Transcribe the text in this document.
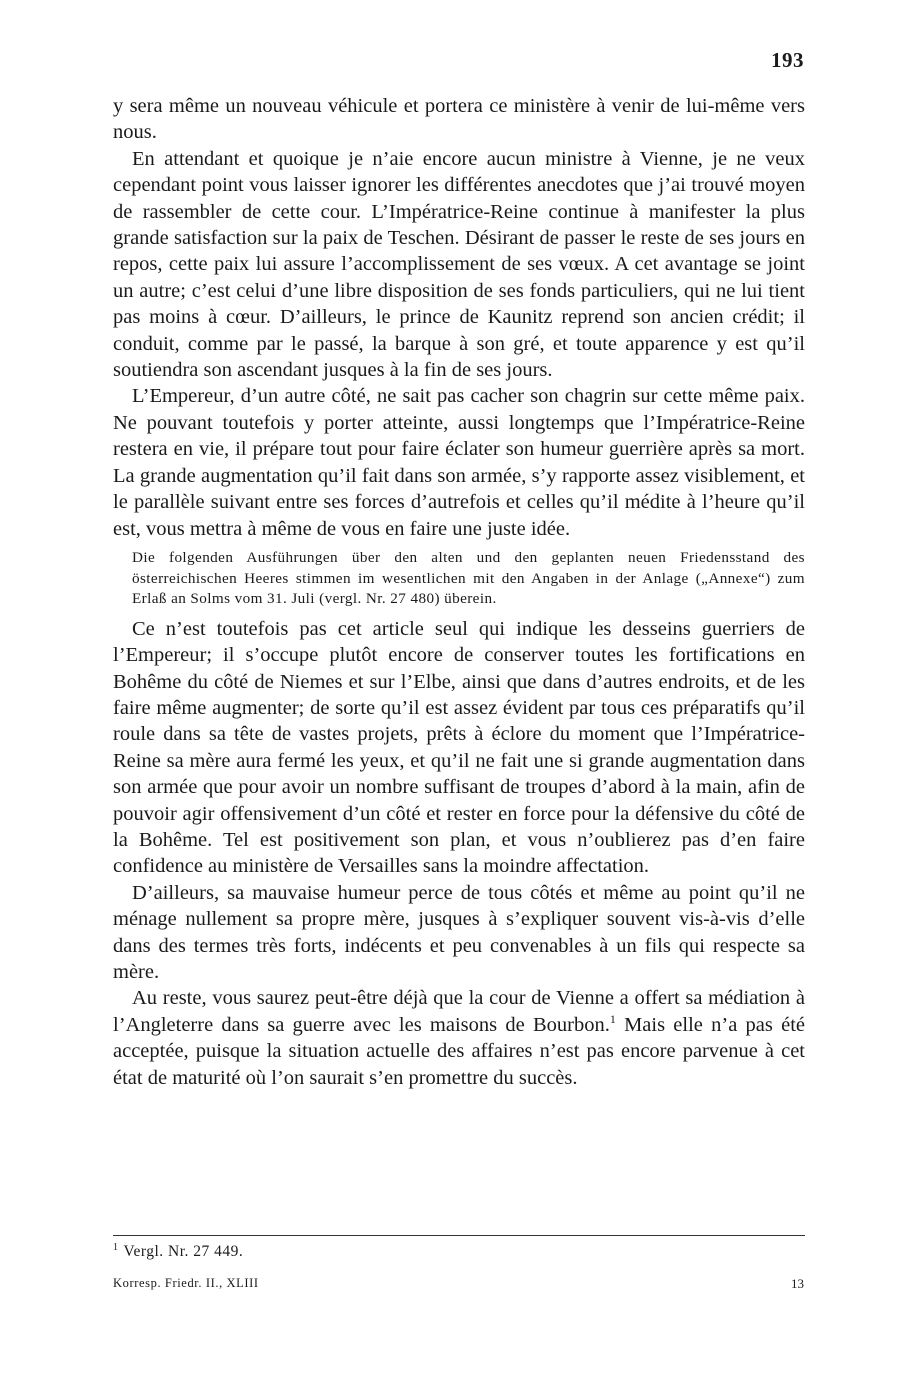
193

y sera même un nouveau véhicule et portera ce ministère à venir de lui-même vers nous.

En attendant et quoique je n’aie encore aucun ministre à Vienne, je ne veux cependant point vous laisser ignorer les différentes anecdotes que j’ai trouvé moyen de rassembler de cette cour. L’Impératrice-Reine continue à manifester la plus grande satisfaction sur la paix de Teschen. Désirant de passer le reste de ses jours en repos, cette paix lui assure l’accomplissement de ses vœux. A cet avantage se joint un autre; c’est celui d’une libre disposition de ses fonds particuliers, qui ne lui tient pas moins à cœur. D’ailleurs, le prince de Kaunitz reprend son ancien crédit; il conduit, comme par le passé, la barque à son gré, et toute apparence y est qu’il soutiendra son ascendant jusques à la fin de ses jours.

L’Empereur, d’un autre côté, ne sait pas cacher son chagrin sur cette même paix. Ne pouvant toutefois y porter atteinte, aussi longtemps que l’Impératrice-Reine restera en vie, il prépare tout pour faire éclater son humeur guerrière après sa mort. La grande augmentation qu’il fait dans son armée, s’y rapporte assez visiblement, et le parallèle suivant entre ses forces d’autrefois et celles qu’il médite à l’heure qu’il est, vous mettra à même de vous en faire une juste idée.

Die folgenden Ausführungen über den alten und den geplanten neuen Friedensstand des österreichischen Heeres stimmen im wesentlichen mit den Angaben in der Anlage („Annexe“) zum Erlaß an Solms vom 31. Juli (vergl. Nr. 27 480) überein.

Ce n’est toutefois pas cet article seul qui indique les desseins guerriers de l’Empereur; il s’occupe plutôt encore de conserver toutes les fortifications en Bohême du côté de Niemes et sur l’Elbe, ainsi que dans d’autres endroits, et de les faire même augmenter; de sorte qu’il est assez évident par tous ces préparatifs qu’il roule dans sa tête de vastes projets, prêts à éclore du moment que l’Impératrice-Reine sa mère aura fermé les yeux, et qu’il ne fait une si grande augmentation dans son armée que pour avoir un nombre suffisant de troupes d’abord à la main, afin de pouvoir agir offensivement d’un côté et rester en force pour la défensive du côté de la Bohême. Tel est positivement son plan, et vous n’oublierez pas d’en faire confidence au ministère de Versailles sans la moindre affectation.

D’ailleurs, sa mauvaise humeur perce de tous côtés et même au point qu’il ne ménage nullement sa propre mère, jusques à s’expliquer souvent vis-à-vis d’elle dans des termes très forts, indécents et peu convenables à un fils qui respecte sa mère.

Au reste, vous saurez peut-être déjà que la cour de Vienne a offert sa médiation à l’Angleterre dans sa guerre avec les maisons de Bourbon.$^1$ Mais elle n’a pas été acceptée, puisque la situation actuelle des affaires n’est pas encore parvenue à cet état de maturité où l’on saurait s’en promettre du succès.

$^1$ Vergl. Nr. 27 449.
Korresp. Friedr. II., XLIII	13
